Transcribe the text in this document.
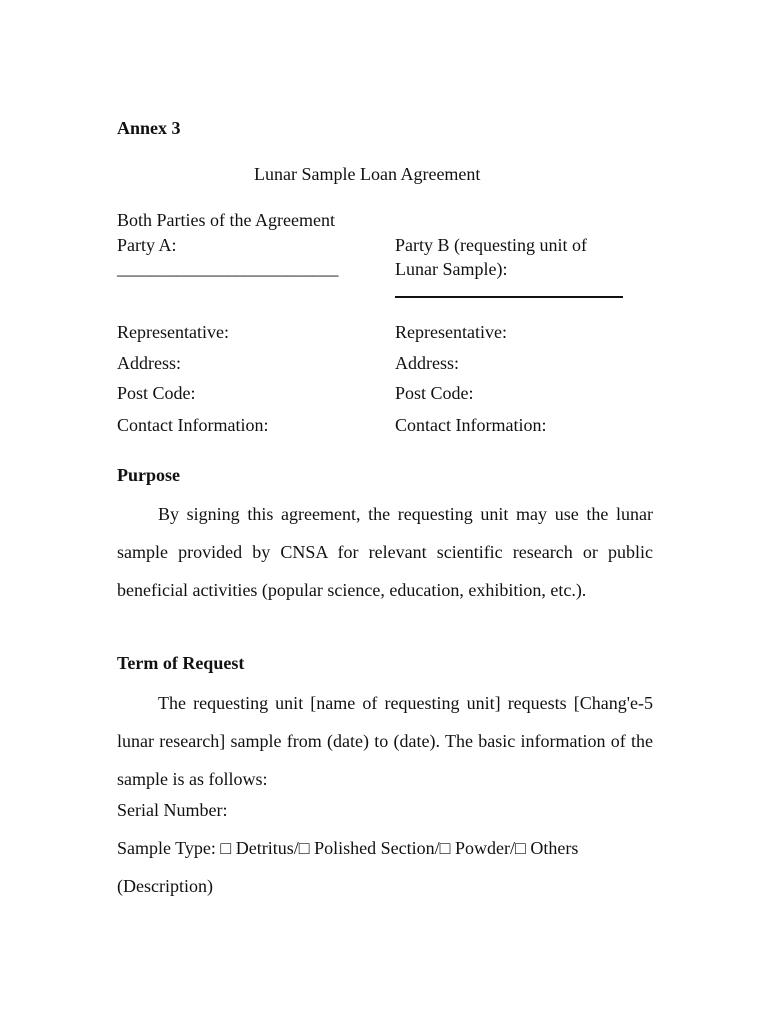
Annex 3
Lunar Sample Loan Agreement
Both Parties of the Agreement
Party A:
__________________________
Representative:
Address:
Post Code:
Contact Information:
Party B (requesting unit of
Lunar Sample):
Representative:
Address:
Post Code:
Contact Information:
Purpose

By signing this agreement, the requesting unit may use the lunar sample provided by CNSA for relevant scientific research or public beneficial activities (popular science, education, exhibition, etc.).

Term of Request

The requesting unit [name of requesting unit] requests [Chang'e-5 lunar research] sample from (date) to (date). The basic information of the sample is as follows:

Serial Number:
Sample Type: □ Detritus/□ Polished Section/□ Powder/□ Others
(Description)
